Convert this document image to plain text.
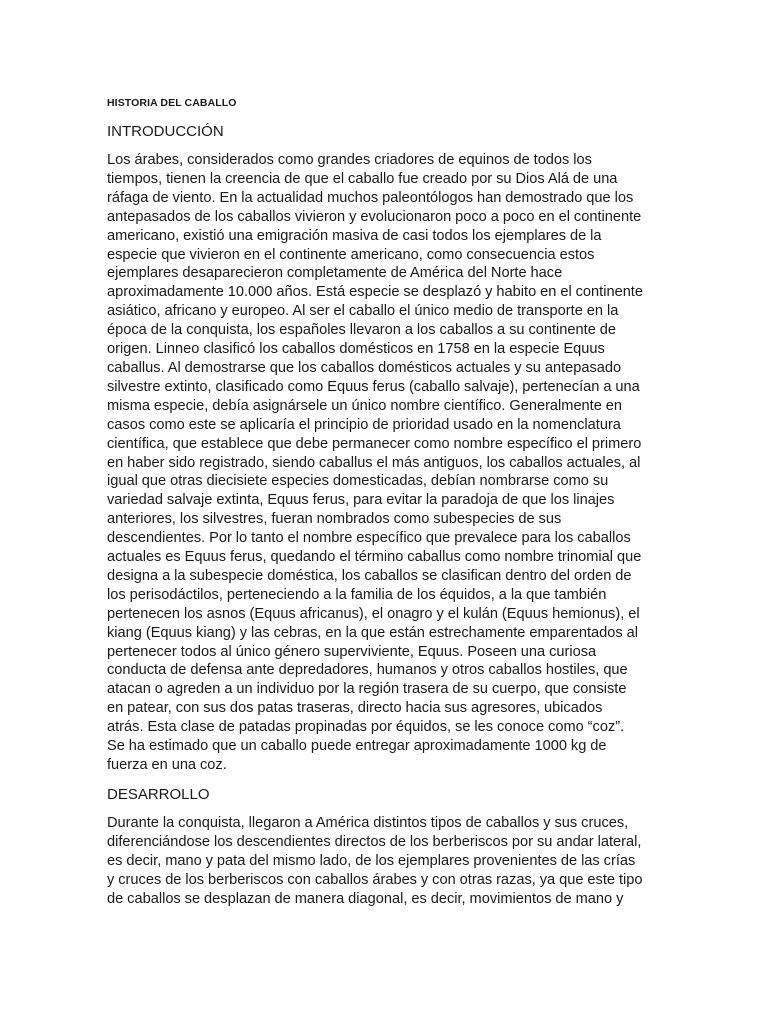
HISTORIA DEL CABALLO
INTRODUCCIÓN

Los árabes, considerados como grandes criadores de equinos de todos los
tiempos, tienen la creencia de que el caballo fue creado por su Dios Alá de una
ráfaga de viento. En la actualidad muchos paleontólogos han demostrado que los
antepasados de los caballos vivieron y evolucionaron poco a poco en el continente
americano, existió una emigración masiva de casi todos los ejemplares de la
especie que vivieron en el continente americano, como consecuencia estos
ejemplares desaparecieron completamente de América del Norte hace
aproximadamente 10.000 años. Está especie se desplazó y habito en el continente
asiático, africano y europeo. Al ser el caballo el único medio de transporte en la
época de la conquista, los españoles llevaron a los caballos a su continente de
origen. Linneo clasificó los caballos domésticos en 1758 en la especie Equus
caballus. Al demostrarse que los caballos domésticos actuales y su antepasado
silvestre extinto, clasificado como Equus ferus (caballo salvaje), pertenecían a una
misma especie, debía asignársele un único nombre científico. Generalmente en
casos como este se aplicaría el principio de prioridad usado en la nomenclatura
científica, que establece que debe permanecer como nombre específico el primero
en haber sido registrado, siendo caballus el más antiguos, los caballos actuales, al
igual que otras diecisiete especies domesticadas, debían nombrarse como su
variedad salvaje extinta, Equus ferus, para evitar la paradoja de que los linajes
anteriores, los silvestres, fueran nombrados como subespecies de sus
descendientes. Por lo tanto el nombre específico que prevalece para los caballos
actuales es Equus ferus, quedando el término caballus como nombre trinomial que
designa a la subespecie doméstica, los caballos se clasifican dentro del orden de
los perisodáctilos, perteneciendo a la familia de los équidos, a la que también
pertenecen los asnos (Equus africanus), el onagro y el kulán (Equus hemionus), el
kiang (Equus kiang) y las cebras, en la que están estrechamente emparentados al
pertenecer todos al único género superviviente, Equus. Poseen una curiosa
conducta de defensa ante depredadores, humanos y otros caballos hostiles, que
atacan o agreden a un individuo por la región trasera de su cuerpo, que consiste
en patear, con sus dos patas traseras, directo hacia sus agresores, ubicados
atrás. Esta clase de patadas propinadas por équidos, se les conoce como “coz”.
Se ha estimado que un caballo puede entregar aproximadamente 1000 kg de
fuerza en una coz.

DESARROLLO

Durante la conquista, llegaron a América distintos tipos de caballos y sus cruces,
diferenciándose los descendientes directos de los berberiscos por su andar lateral,
es decir, mano y pata del mismo lado, de los ejemplares provenientes de las crías
y cruces de los berberiscos con caballos árabes y con otras razas, ya que este tipo
de caballos se desplazan de manera diagonal, es decir, movimientos de mano y
